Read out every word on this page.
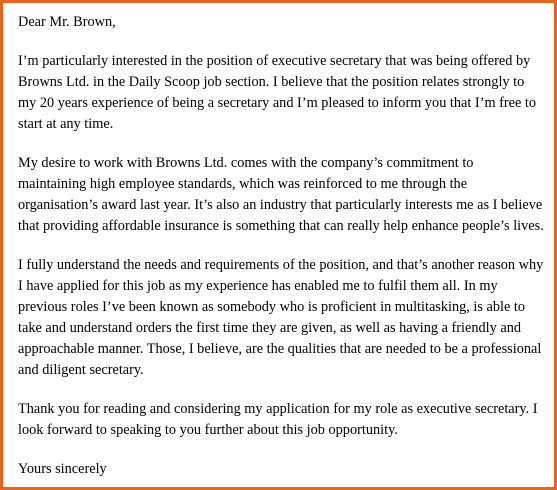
Dear Mr. Brown,

I’m particularly interested in the position of executive secretary that was being offered by Browns Ltd. in the Daily Scoop job section. I believe that the position relates strongly to my 20 years experience of being a secretary and I’m pleased to inform you that I’m free to start at any time.

My desire to work with Browns Ltd. comes with the company’s commitment to maintaining high employee standards, which was reinforced to me through the organisation’s award last year. It’s also an industry that particularly interests me as I believe that providing affordable insurance is something that can really help enhance people’s lives.

I fully understand the needs and requirements of the position, and that’s another reason why I have applied for this job as my experience has enabled me to fulfil them all. In my previous roles I’ve been known as somebody who is proficient in multitasking, is able to take and understand orders the first time they are given, as well as having a friendly and approachable manner. Those, I believe, are the qualities that are needed to be a professional and diligent secretary.

Thank you for reading and considering my application for my role as executive secretary. I look forward to speaking to you further about this job opportunity.

Yours sincerely
